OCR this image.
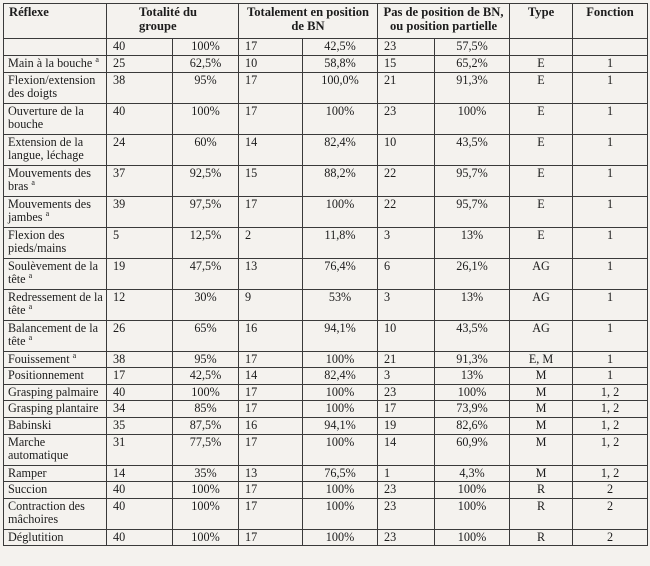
Réflexe	Totalité du groupe		Totalement en position de BN		Pas de position de BN, ou position partielle		Type	Fonction
	40	100%	17	42,5%	23	57,5%		
Main à la bouche $^a$	25	62,5%	10	58,8%	15	65,2%	E	1
Flexion/extension des doigts	38	95%	17	100,0%	21	91,3%	E	1
Ouverture de la bouche	40	100%	17	100%	23	100%	E	1
Extension de la langue, léchage	24	60%	14	82,4%	10	43,5%	E	1
Mouvements des bras $^a$	37	92,5%	15	88,2%	22	95,7%	E	1
Mouvements des jambes $^a$	39	97,5%	17	100%	22	95,7%	E	1
Flexion des pieds/mains	5	12,5%	2	11,8%	3	13%	E	1
Soulèvement de la tête $^a$	19	47,5%	13	76,4%	6	26,1%	AG	1
Redressement de la tête $^a$	12	30%	9	53%	3	13%	AG	1
Balancement de la tête $^a$	26	65%	16	94,1%	10	43,5%	AG	1
Fouissement $^a$	38	95%	17	100%	21	91,3%	E, M	1
Positionnement	17	42,5%	14	82,4%	3	13%	M	1
Grasping palmaire	40	100%	17	100%	23	100%	M	1, 2
Grasping plantaire	34	85%	17	100%	17	73,9%	M	1, 2
Babinski	35	87,5%	16	94,1%	19	82,6%	M	1, 2
Marche automatique	31	77,5%	17	100%	14	60,9%	M	1, 2
Ramper	14	35%	13	76,5%	1	4,3%	M	1, 2
Succion	40	100%	17	100%	23	100%	R	2
Contraction des mâchoires	40	100%	17	100%	23	100%	R	2
Déglutition	40	100%	17	100%	23	100%	R	2
